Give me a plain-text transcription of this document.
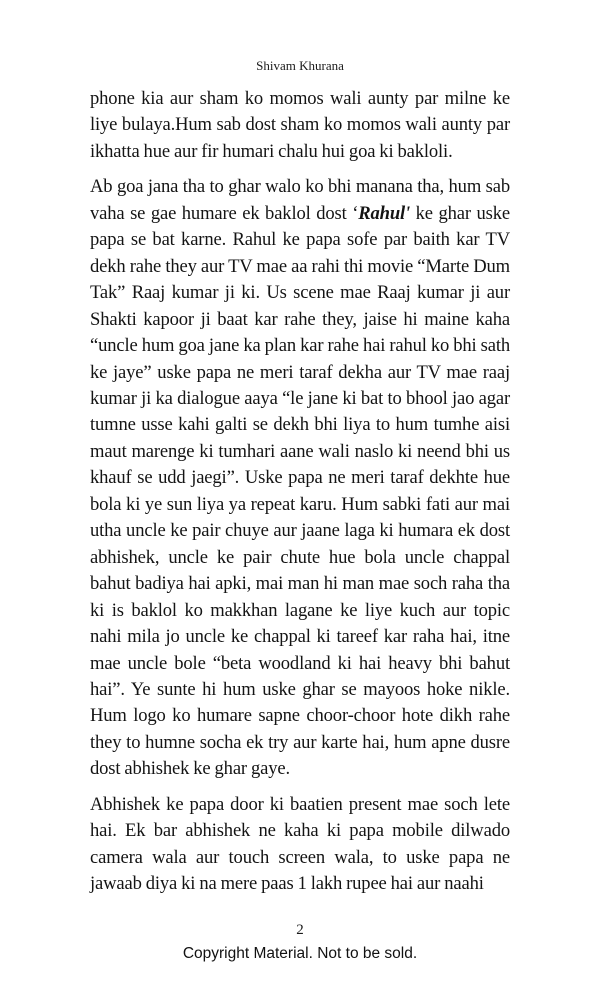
Shivam Khurana

phone kia aur sham ko momos wali aunty par milne ke liye bulaya.Hum sab dost sham ko momos wali aunty par ikhatta hue aur fir humari chalu hui goa ki bakloli.

Ab goa jana tha to ghar walo ko bhi manana tha, hum sab vaha se gae humare ek baklol dost ‘Rahul' ke ghar uske papa se bat karne. Rahul ke papa sofe par baith kar TV dekh rahe they aur TV mae aa rahi thi movie “Marte Dum Tak” Raaj kumar ji ki. Us scene mae Raaj kumar ji aur Shakti kapoor ji baat kar rahe they, jaise hi maine kaha “uncle hum goa jane ka plan kar rahe hai rahul ko bhi sath ke jaye” uske papa ne meri taraf dekha aur TV mae raaj kumar ji ka dialogue aaya “le jane ki bat to bhool jao agar tumne usse kahi galti se dekh bhi liya to hum tumhe aisi maut marenge ki tumhari aane wali naslo ki neend bhi us khauf se udd jaegi”. Uske papa ne meri taraf dekhte hue bola ki ye sun liya ya repeat karu. Hum sabki fati aur mai utha uncle ke pair chuye aur jaane laga ki humara ek dost abhishek, uncle ke pair chute hue bola uncle chappal bahut badiya hai apki, mai man hi man mae soch raha tha ki is baklol ko makkhan lagane ke liye kuch aur topic nahi mila jo uncle ke chappal ki tareef kar raha hai, itne mae uncle bole “beta woodland ki hai heavy bhi bahut hai”. Ye sunte hi hum uske ghar se mayoos hoke nikle. Hum logo ko humare sapne choor-choor hote dikh rahe they to humne socha ek try aur karte hai, hum apne dusre dost abhishek ke ghar gaye.

Abhishek ke papa door ki baatien present mae soch lete hai. Ek bar abhishek ne kaha ki papa mobile dilwado camera wala aur touch screen wala, to uske papa ne jawaab diya ki na mere paas 1 lakh rupee hai aur naahi

2
Copyright Material. Not to be sold.
